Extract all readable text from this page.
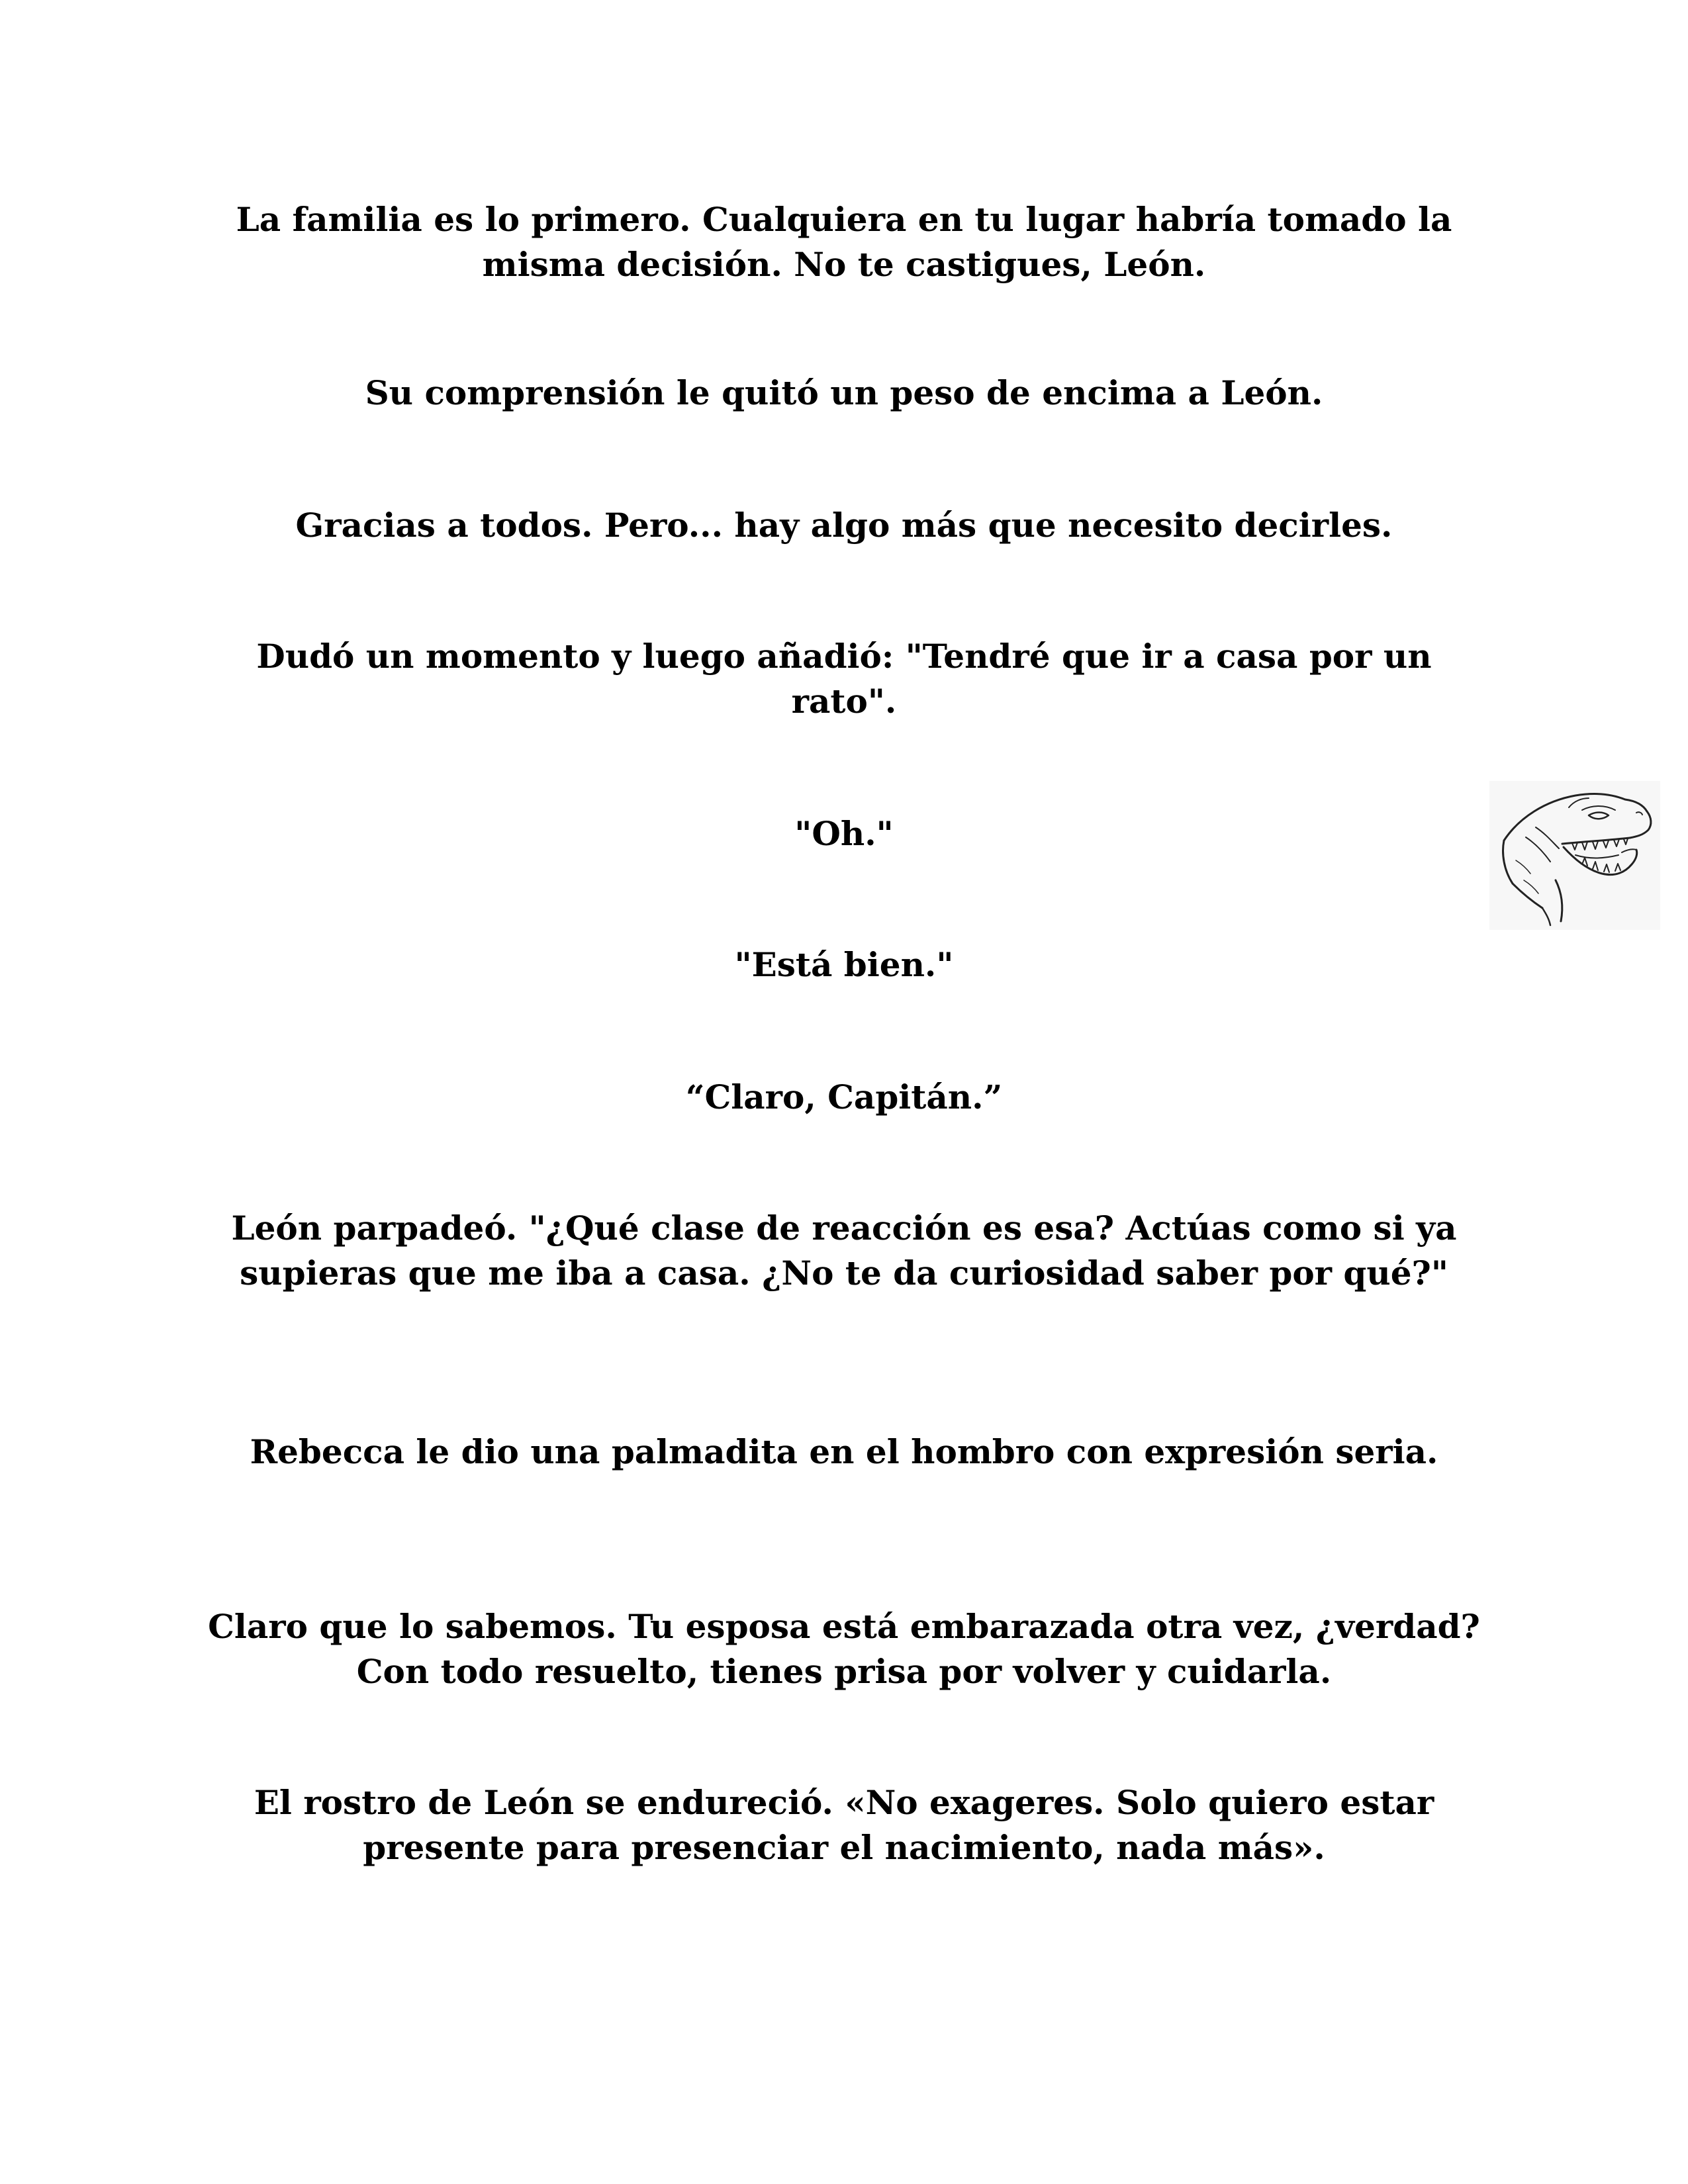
La familia es lo primero. Cualquiera en tu lugar habría tomado la misma decisión. No te castigues, León.

Su comprensión le quitó un peso de encima a León.

Gracias a todos. Pero... hay algo más que necesito decirles.

Dudó un momento y luego añadió: "Tendré que ir a casa por un rato".

"Oh."

"Está bien."

“Claro, Capitán.”

León parpadeó. "¿Qué clase de reacción es esa? Actúas como si ya supieras que me iba a casa. ¿No te da curiosidad saber por qué?"

Rebecca le dio una palmadita en el hombro con expresión seria.

Claro que lo sabemos. Tu esposa está embarazada otra vez, ¿verdad? Con todo resuelto, tienes prisa por volver y cuidarla.

El rostro de León se endureció. «No exageres. Solo quiero estar presente para presenciar el nacimiento, nada más».
